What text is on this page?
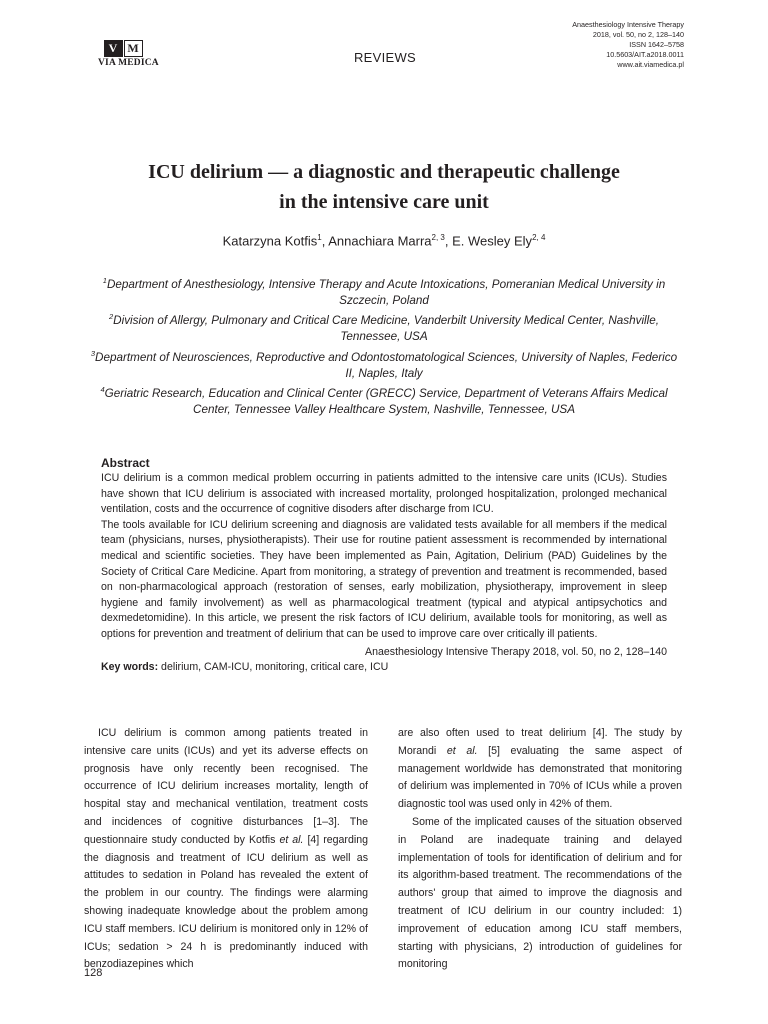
V M
VIA MEDICA	REVIEWS
Anaesthesiology Intensive Therapy
2018, vol. 50, no 2, 128–140
ISSN 1642–5758
10.5603/AIT.a2018.0011
www.ait.viamedica.pl
ICU delirium — a diagnostic and therapeutic challenge
in the intensive care unit
Katarzyna Kotfis$^1$, Annachiara Marra$^{2, 3}$, E. Wesley Ely$^{2, 4}$
$^1$Department of Anesthesiology, Intensive Therapy and Acute Intoxications, Pomeranian Medical University in Szczecin, Poland
$^2$Division of Allergy, Pulmonary and Critical Care Medicine, Vanderbilt University Medical Center, Nashville, Tennessee, USA
$^3$Department of Neurosciences, Reproductive and Odontostomatological Sciences, University of Naples, Federico II, Naples, Italy
$^4$Geriatric Research, Education and Clinical Center (GRECC) Service, Department of Veterans Affairs Medical Center, Tennessee Valley Healthcare System, Nashville, Tennessee, USA
Abstract

ICU delirium is a common medical problem occurring in patients admitted to the intensive care units (ICUs). Studies have shown that ICU delirium is associated with increased mortality, prolonged hospitalization, prolonged mechanical ventilation, costs and the occurrence of cognitive disoders after discharge from ICU.

The tools available for ICU delirium screening and diagnosis are validated tests available for all members if the medical team (physicians, nurses, physiotherapists). Their use for routine patient assessment is recommended by international medical and scientific societies. They have been implemented as Pain, Agitation, Delirium (PAD) Guidelines by the Society of Critical Care Medicine. Apart from monitoring, a strategy of prevention and treatment is recommended, based on non-pharmacological approach (restoration of senses, early mobilization, physiotherapy, improvement in sleep hygiene and family involvement) as well as pharmacological treatment (typical and atypical antipsychotics and dexmedetomidine). In this article, we present the risk factors of ICU delirium, available tools for monitoring, as well as options for prevention and treatment of delirium that can be used to improve care over critically ill patients.

Anaesthesiology Intensive Therapy 2018, vol. 50, no 2, 128–140
Key words: delirium, CAM-ICU, monitoring, critical care, ICU

ICU delirium is common among patients treated in intensive care units (ICUs) and yet its adverse effects on prognosis have only recently been recognised. The occurrence of ICU delirium increases mortality, length of hospital stay and mechanical ventilation, treatment costs and incidences of cognitive disturbances [1–3]. The questionnaire study conducted by Kotfis et al. [4] regarding the diagnosis and treatment of ICU delirium as well as attitudes to sedation in Poland has revealed the extent of the problem in our country. The findings were alarming showing inadequate knowledge about the problem among ICU staff members. ICU delirium is monitored only in 12% of ICUs; sedation > 24 h is predominantly induced with benzodiazepines which

are also often used to treat delirium [4]. The study by Morandi et al. [5] evaluating the same aspect of management worldwide has demonstrated that monitoring of delirium was implemented in 70% of ICUs while a proven diagnostic tool was used only in 42% of them.

Some of the implicated causes of the situation observed in Poland are inadequate training and delayed implementation of tools for identification of delirium and for its algorithm-based treatment. The recommendations of the authors' group that aimed to improve the diagnosis and treatment of ICU delirium in our country included: 1) improvement of education among ICU staff members, starting with physicians, 2) introduction of guidelines for monitoring

128
